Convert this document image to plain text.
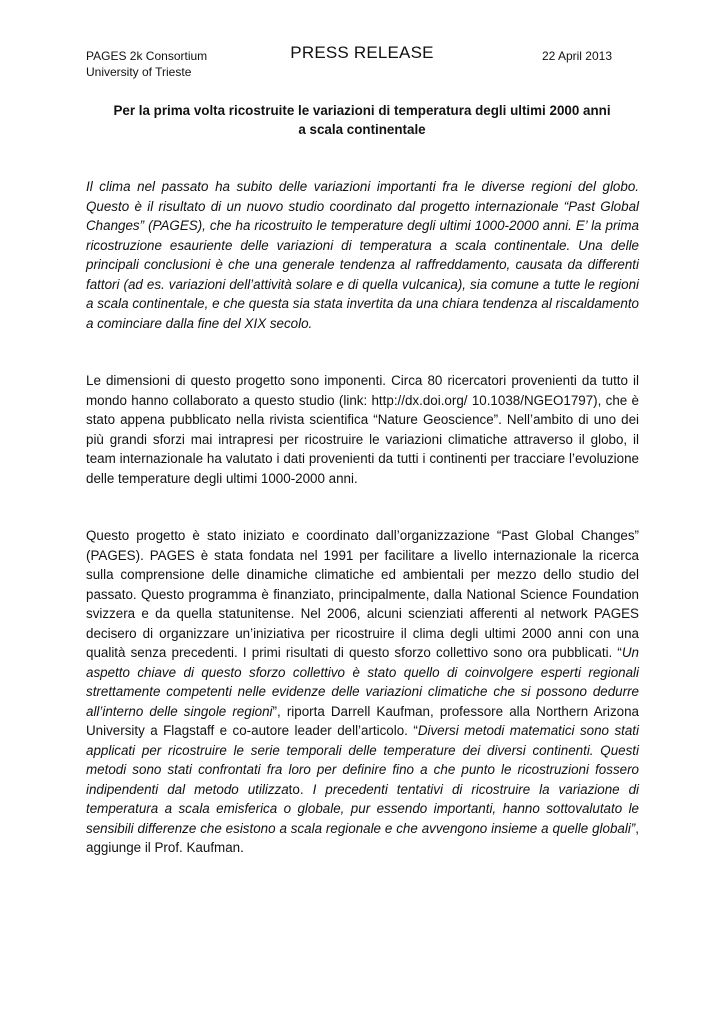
PAGES 2k Consortium
University of Trieste
PRESS RELEASE	22 April 2013
Per la prima volta ricostruite le variazioni di temperatura degli ultimi 2000 anni
a scala continentale
Il clima nel passato ha subito delle variazioni importanti fra le diverse regioni del globo. Questo è il risultato di un nuovo studio coordinato dal progetto internazionale “Past Global Changes” (PAGES), che ha ricostruito le temperature degli ultimi 1000-2000 anni. E’ la prima ricostruzione esauriente delle variazioni di temperatura a scala continentale. Una delle principali conclusioni è che una generale tendenza al raffreddamento, causata da differenti fattori (ad es. variazioni dell’attività solare e di quella vulcanica), sia comune a tutte le regioni a scala continentale, e che questa sia stata invertita da una chiara tendenza al riscaldamento a cominciare dalla fine del XIX secolo.
Le dimensioni di questo progetto sono imponenti. Circa 80 ricercatori provenienti da tutto il mondo hanno collaborato a questo studio (link: http://dx.doi.org/ 10.1038/NGEO1797), che è stato appena pubblicato nella rivista scientifica “Nature Geoscience”. Nell’ambito di uno dei più grandi sforzi mai intrapresi per ricostruire le variazioni climatiche attraverso il globo, il team internazionale ha valutato i dati provenienti da tutti i continenti per tracciare l’evoluzione delle temperature degli ultimi 1000-2000 anni.
Questo progetto è stato iniziato e coordinato dall’organizzazione “Past Global Changes” (PAGES). PAGES è stata fondata nel 1991 per facilitare a livello internazionale la ricerca sulla comprensione delle dinamiche climatiche ed ambientali per mezzo dello studio del passato. Questo programma è finanziato, principalmente, dalla National Science Foundation svizzera e da quella statunitense. Nel 2006, alcuni scienziati afferenti al network PAGES decisero di organizzare un’iniziativa per ricostruire il clima degli ultimi 2000 anni con una qualità senza precedenti. I primi risultati di questo sforzo collettivo sono ora pubblicati. “Un aspetto chiave di questo sforzo collettivo è stato quello di coinvolgere esperti regionali strettamente competenti nelle evidenze delle variazioni climatiche che si possono dedurre all’interno delle singole regioni”, riporta Darrell Kaufman, professore alla Northern Arizona University a Flagstaff e co-autore leader dell’articolo. “Diversi metodi matematici sono stati applicati per ricostruire le serie temporali delle temperature dei diversi continenti. Questi metodi sono stati confrontati fra loro per definire fino a che punto le ricostruzioni fossero indipendenti dal metodo utilizzato. I precedenti tentativi di ricostruire la variazione di temperatura a scala emisferica o globale, pur essendo importanti, hanno sottovalutato le sensibili differenze che esistono a scala regionale e che avvengono insieme a quelle globali”, aggiunge il Prof. Kaufman.
